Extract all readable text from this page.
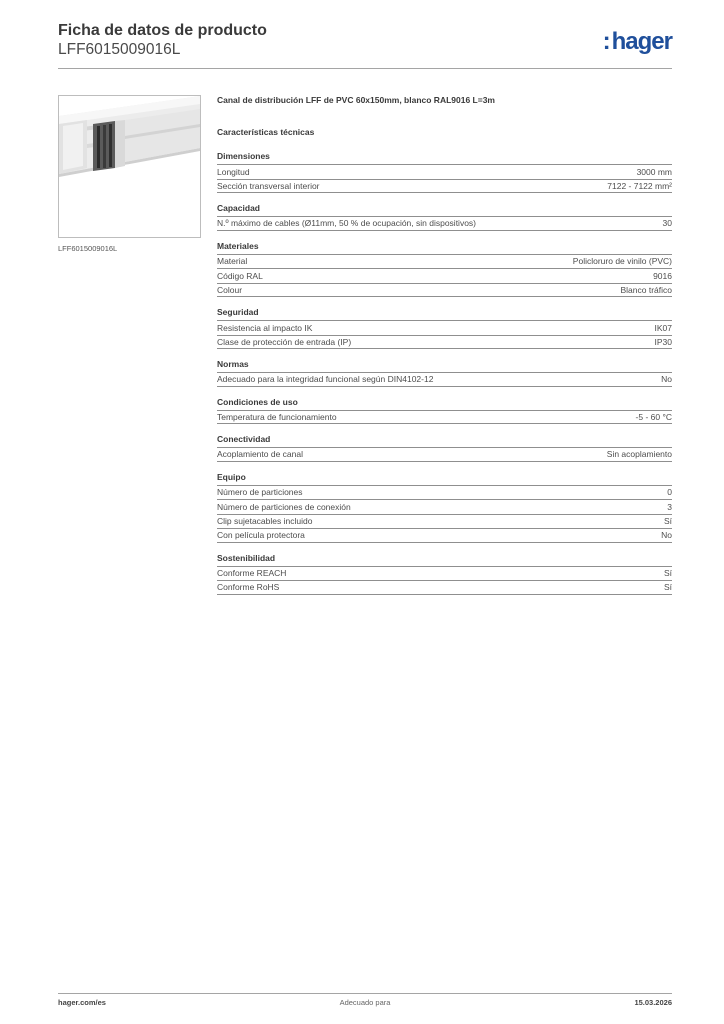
Ficha de datos de producto
LFF6015009016L	:hager
LFF6015009016L
Canal de distribución LFF de PVC 60x150mm, blanco RAL9016 L=3m
Características técnicas
Dimensiones
Longitud	3000 mm
Sección transversal interior	7122 - 7122 mm²
Capacidad
N.º máximo de cables (Ø11mm, 50 % de ocupación, sin dispositivos)	30
Materiales
Material	Policloruro de vinilo (PVC)
Código RAL	9016
Colour	Blanco tráfico
Seguridad
Resistencia al impacto IK	IK07
Clase de protección de entrada (IP)	IP30
Normas
Adecuado para la integridad funcional según DIN4102-12	No
Condiciones de uso
Temperatura de funcionamiento	-5 - 60 °C
Conectividad
Acoplamiento de canal	Sin acoplamiento
Equipo
Número de particiones	0
Número de particiones de conexión	3
Clip sujetacables incluido	Sí
Con película protectora	No
Sostenibilidad
Conforme REACH	Sí
Conforme RoHS	Sí
hager.com/es	Adecuado para	15.03.2026
